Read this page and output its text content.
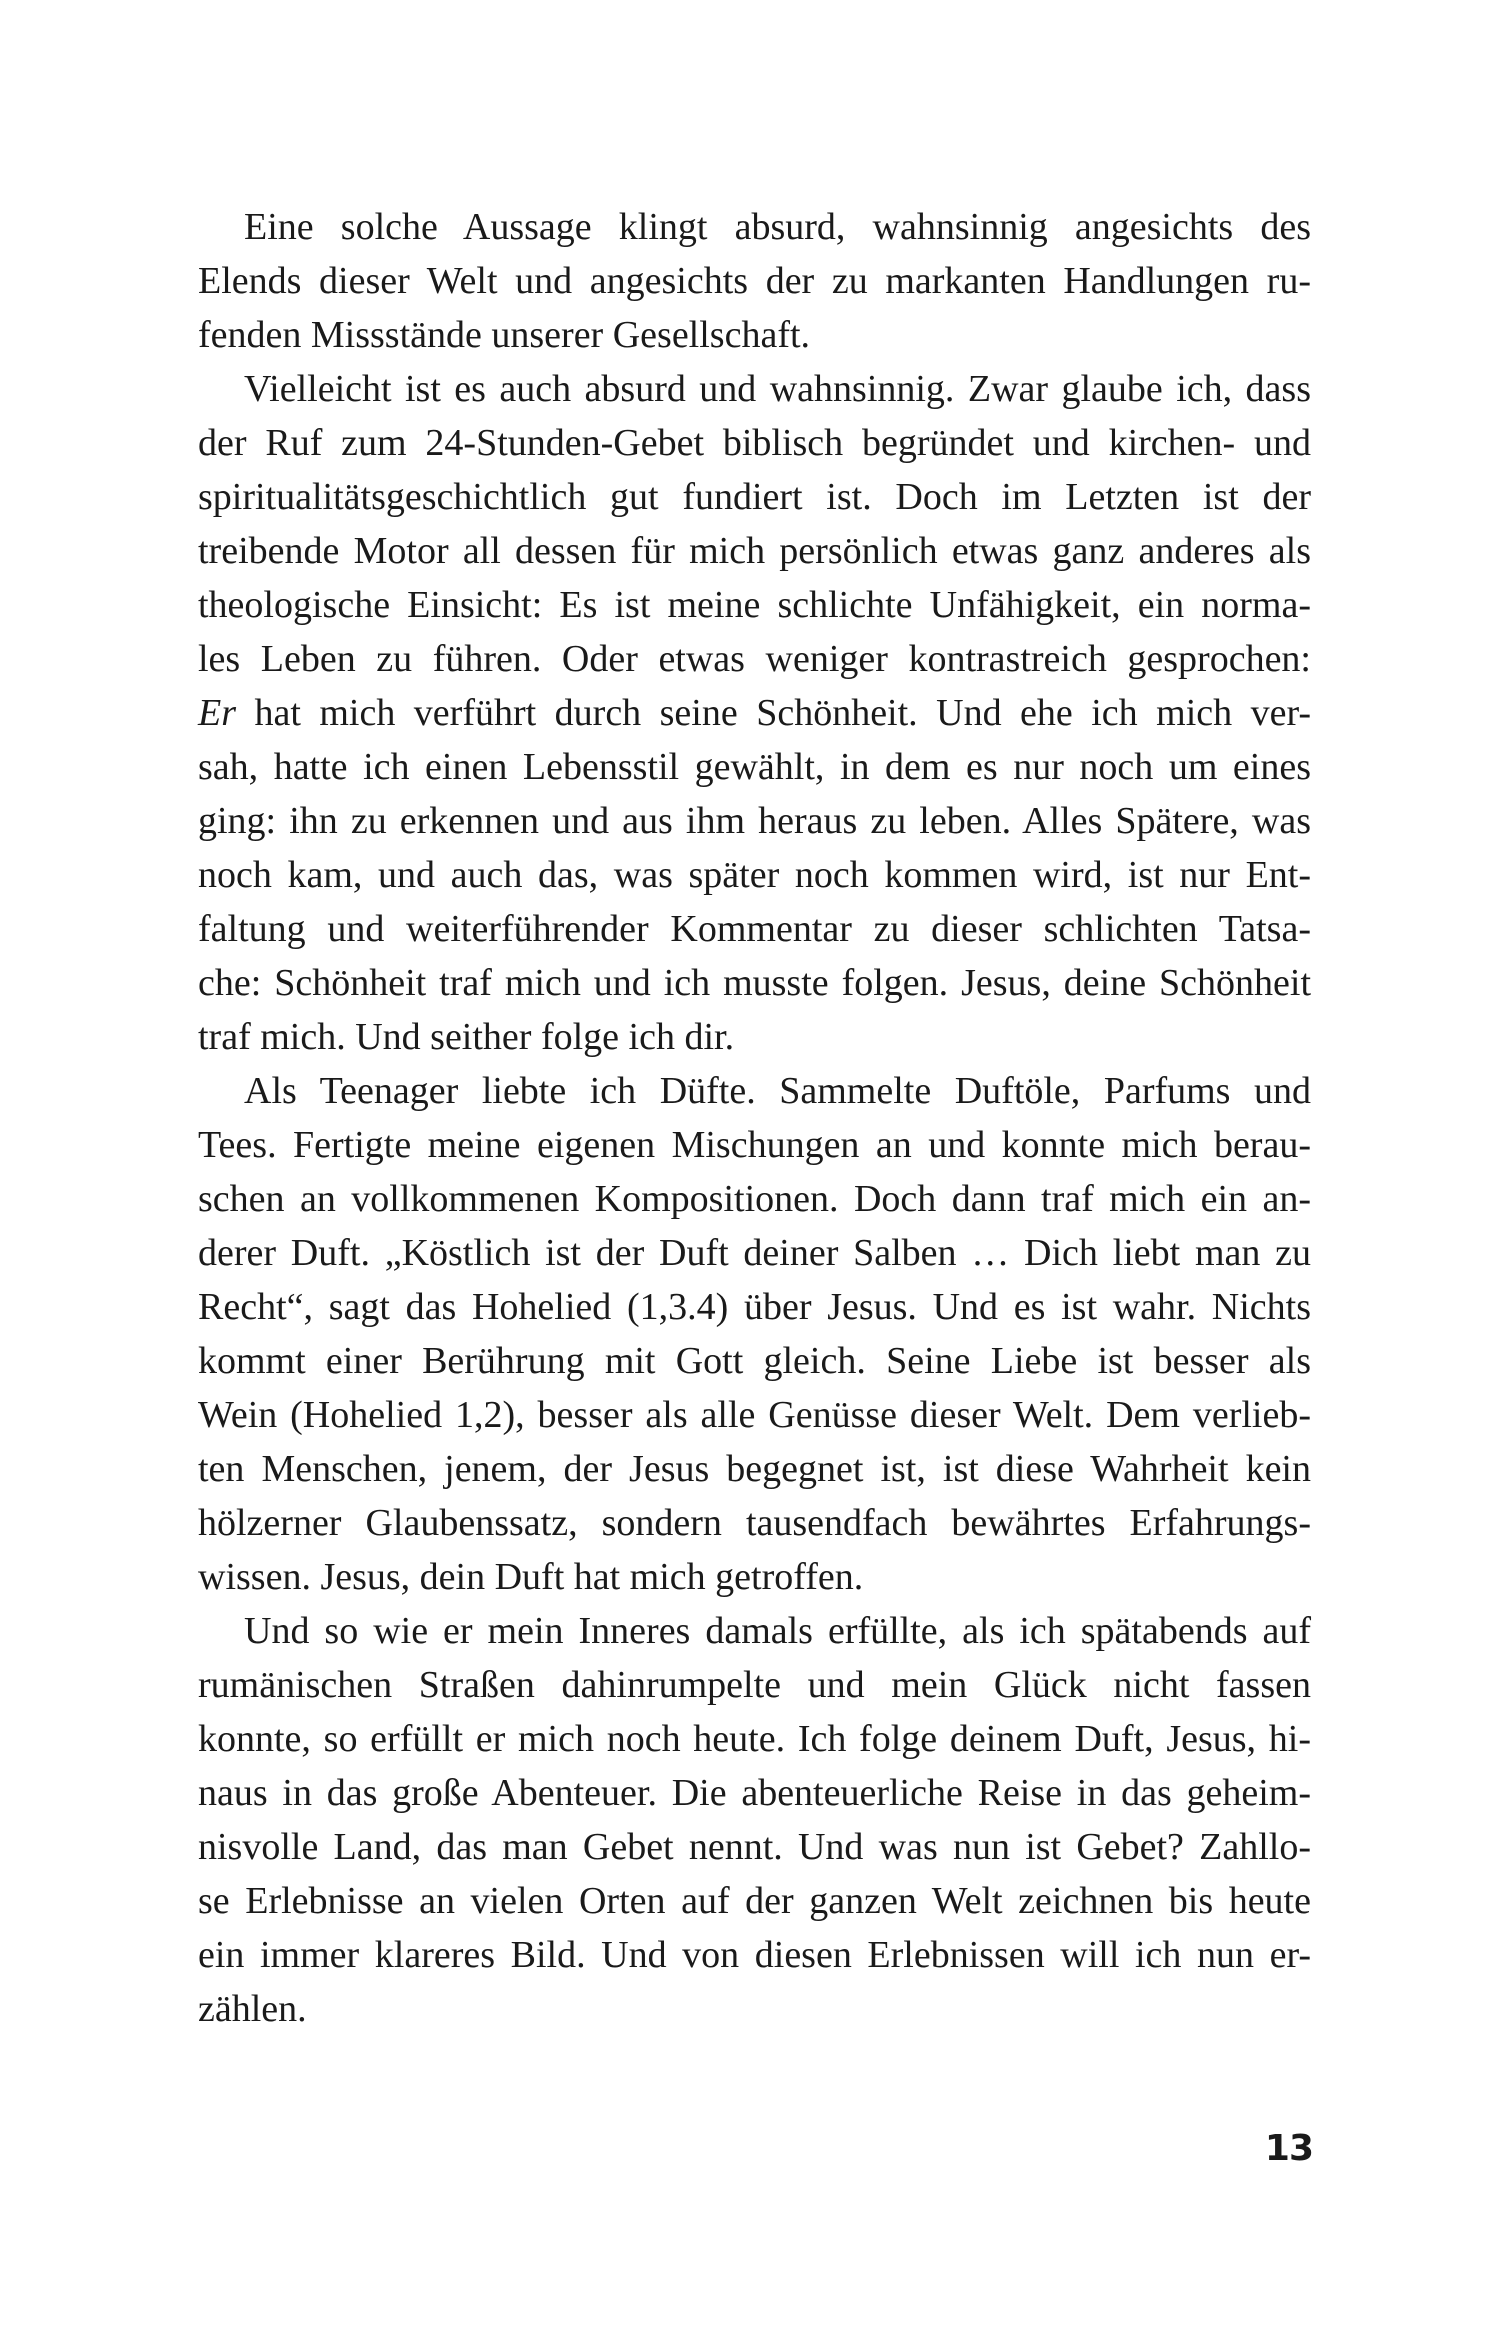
Eine solche Aussage klingt absurd, wahnsinnig angesichts des
Elends dieser Welt und angesichts der zu markanten Handlungen ru-
fenden Missstände unserer Gesellschaft.

Vielleicht ist es auch absurd und wahnsinnig. Zwar glaube ich, dass
der Ruf zum 24-Stunden-Gebet biblisch begründet und kirchen- und
spiritualitätsgeschichtlich gut fundiert ist. Doch im Letzten ist der
treibende Motor all dessen für mich persönlich etwas ganz anderes als
theologische Einsicht: Es ist meine schlichte Unfähigkeit, ein norma-
les Leben zu führen. Oder etwas weniger kontrastreich gesprochen:
Er hat mich verführt durch seine Schönheit. Und ehe ich mich ver-
sah, hatte ich einen Lebensstil gewählt, in dem es nur noch um eines
ging: ihn zu erkennen und aus ihm heraus zu leben. Alles Spätere, was
noch kam, und auch das, was später noch kommen wird, ist nur Ent-
faltung und weiterführender Kommentar zu dieser schlichten Tatsa-
che: Schönheit traf mich und ich musste folgen. Jesus, deine Schönheit
traf mich. Und seither folge ich dir.

Als Teenager liebte ich Düfte. Sammelte Duftöle, Parfums und
Tees. Fertigte meine eigenen Mischungen an und konnte mich berau-
schen an vollkommenen Kompositionen. Doch dann traf mich ein an-
derer Duft. „Köstlich ist der Duft deiner Salben … Dich liebt man zu
Recht“, sagt das Hohelied (1,3.4) über Jesus. Und es ist wahr. Nichts
kommt einer Berührung mit Gott gleich. Seine Liebe ist besser als
Wein (Hohelied 1,2), besser als alle Genüsse dieser Welt. Dem verlieb-
ten Menschen, jenem, der Jesus begegnet ist, ist diese Wahrheit kein
hölzerner Glaubenssatz, sondern tausendfach bewährtes Erfahrungs-
wissen. Jesus, dein Duft hat mich getroffen.

Und so wie er mein Inneres damals erfüllte, als ich spätabends auf
rumänischen Straßen dahinrumpelte und mein Glück nicht fassen
konnte, so erfüllt er mich noch heute. Ich folge deinem Duft, Jesus, hi-
naus in das große Abenteuer. Die abenteuerliche Reise in das geheim-
nisvolle Land, das man Gebet nennt. Und was nun ist Gebet? Zahllo-
se Erlebnisse an vielen Orten auf der ganzen Welt zeichnen bis heute
ein immer klareres Bild. Und von diesen Erlebnissen will ich nun er-
zählen.

13
